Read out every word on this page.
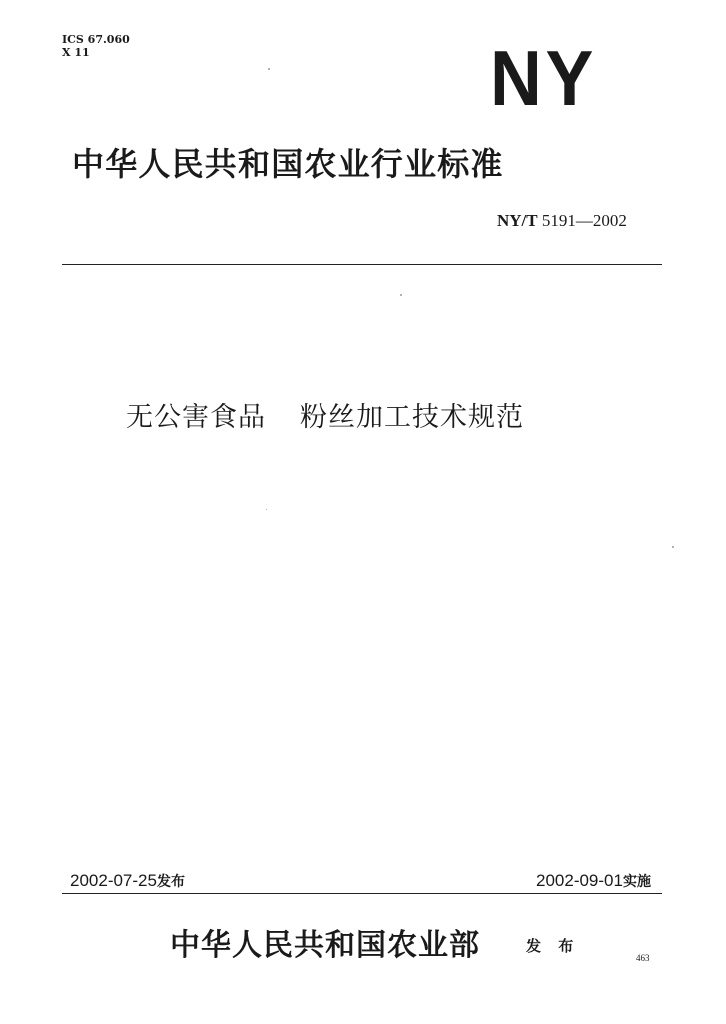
ICS 67.060
X 11	NY
中华人民共和国农业行业标准
NY/T 5191—2002
无公害食品 粉丝加工技术规范
2002-07-25发布	2002-09-01实施
中华人民共和国农业部	发 布
463
